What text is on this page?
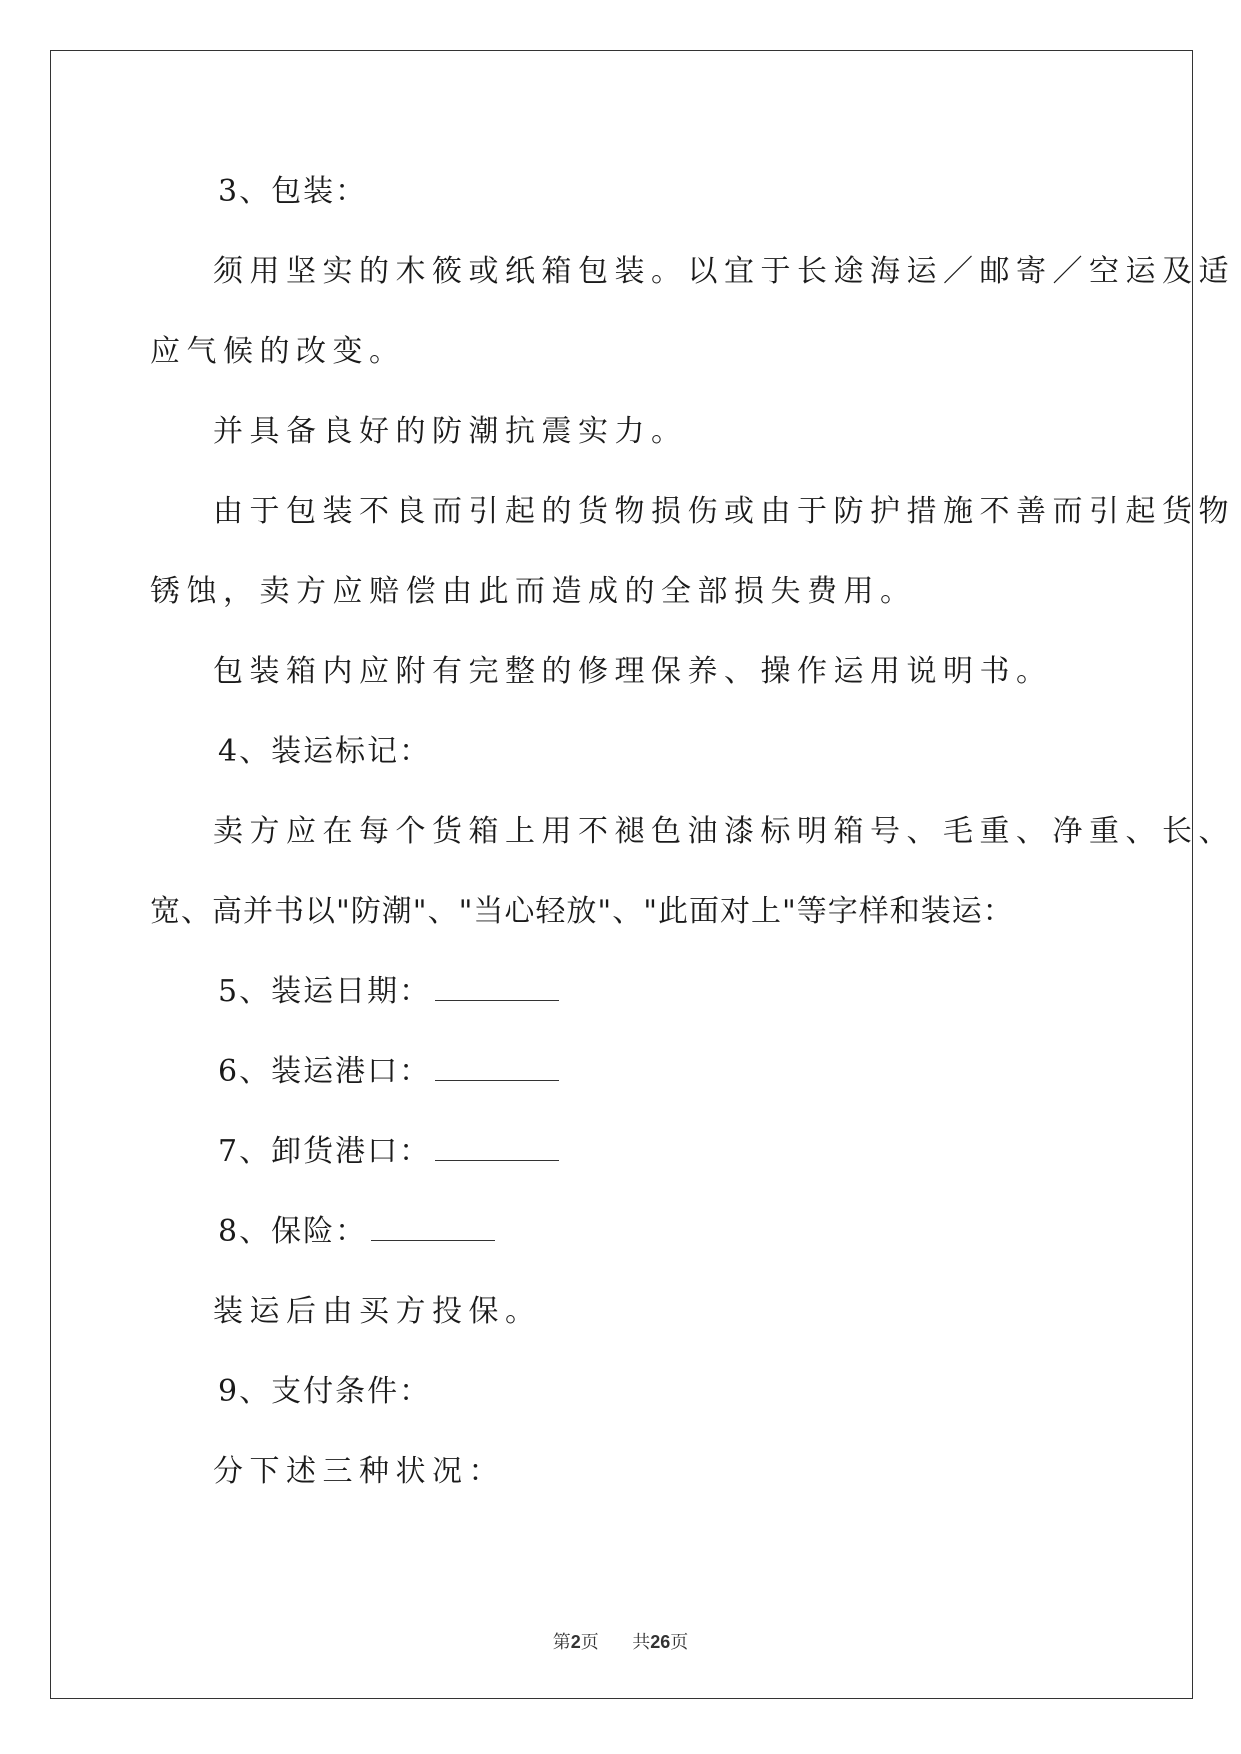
3、包装：
须用坚实的木筱或纸箱包装。以宜于长途海运／邮寄／空运及适
应气候的改变。
并具备良好的防潮抗震实力。
由于包装不良而引起的货物损伤或由于防护措施不善而引起货物
锈蚀，卖方应赔偿由此而造成的全部损失费用。
包装箱内应附有完整的修理保养、操作运用说明书。
4、装运标记：
卖方应在每个货箱上用不褪色油漆标明箱号、毛重、净重、长、
宽、高并书以"防潮"、"当心轻放"、"此面对上"等字样和装运：
5、装运日期：
6、装运港口：
7、卸货港口：
8、保险：
装运后由买方投保。
9、支付条件：
分下述三种状况：
第2页 共26页
